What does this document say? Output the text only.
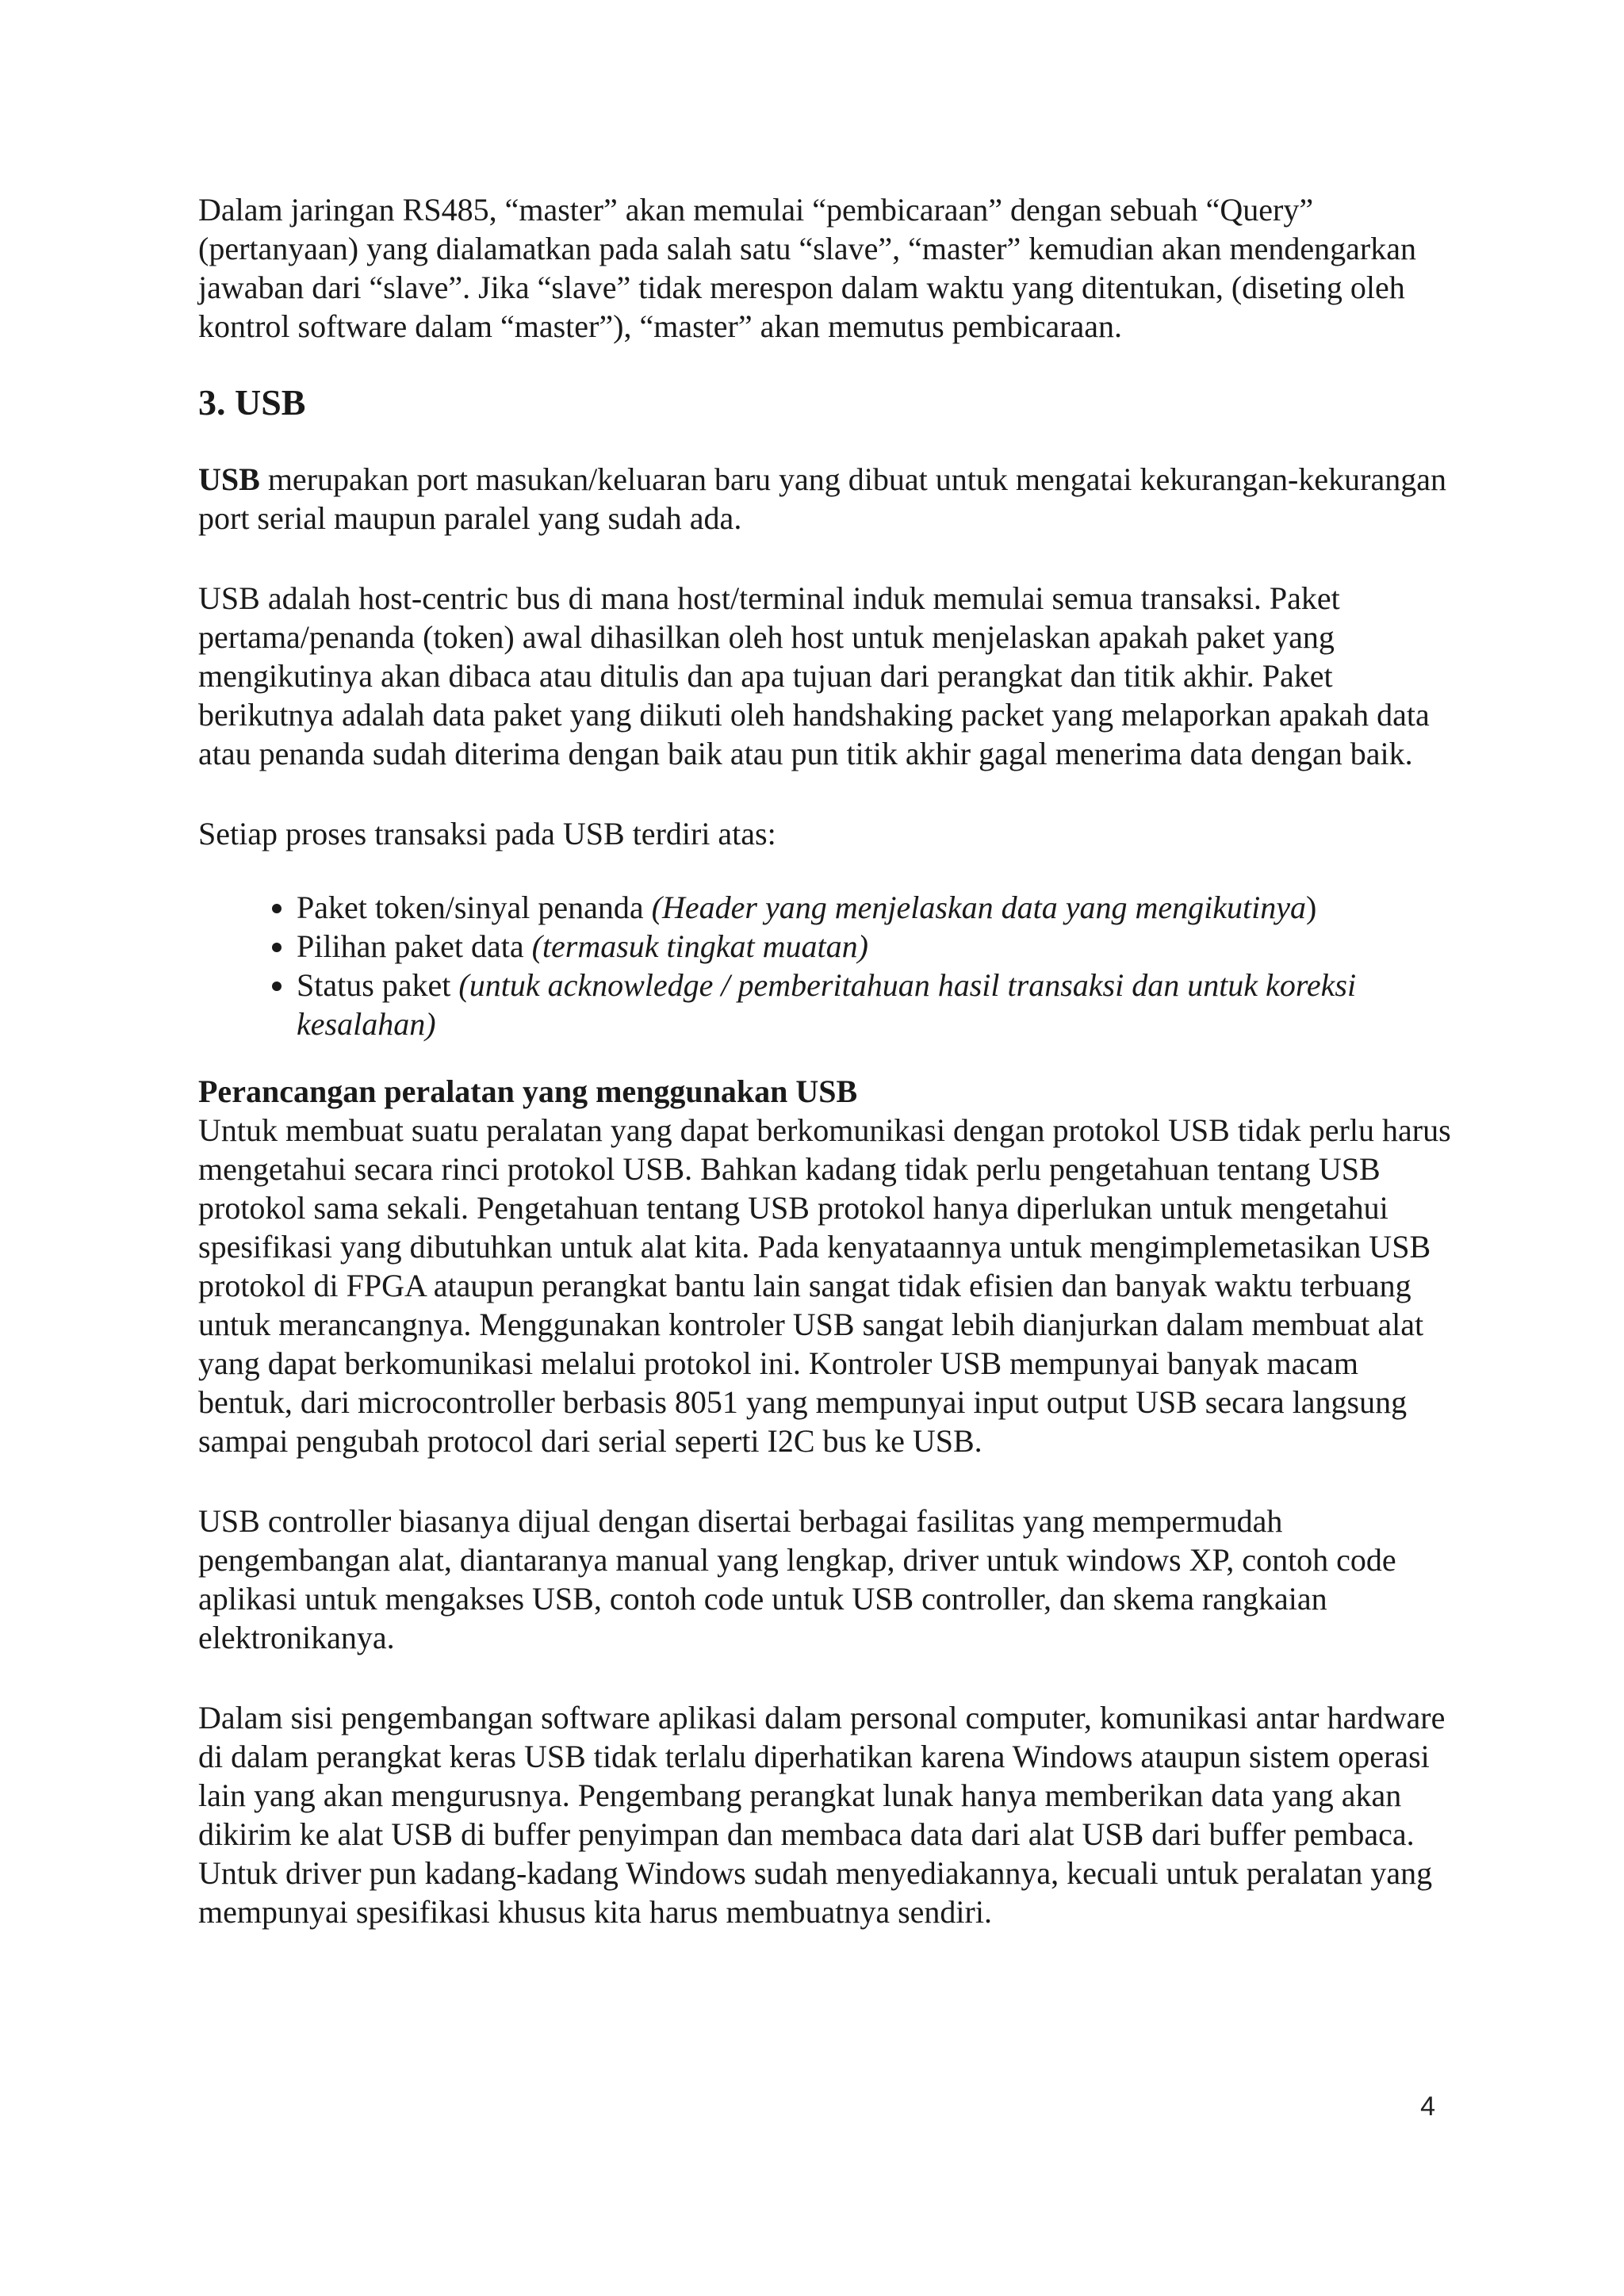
Dalam jaringan RS485, “master” akan memulai “pembicaraan” dengan sebuah “Query” (pertanyaan) yang dialamatkan pada salah satu “slave”, “master” kemudian akan mendengarkan jawaban dari “slave”. Jika “slave” tidak merespon dalam waktu yang ditentukan, (diseting oleh kontrol software dalam “master”), “master” akan memutus pembicaraan.

3. USB

USB merupakan port masukan/keluaran baru yang dibuat untuk mengatai kekurangan-kekurangan port serial maupun paralel yang sudah ada.

USB adalah host-centric bus di mana host/terminal induk memulai semua transaksi. Paket pertama/penanda (token) awal dihasilkan oleh host untuk menjelaskan apakah paket yang mengikutinya akan dibaca atau ditulis dan apa tujuan dari perangkat dan titik akhir. Paket berikutnya adalah data paket yang diikuti oleh handshaking packet yang melaporkan apakah data atau penanda sudah diterima dengan baik atau pun titik akhir gagal menerima data dengan baik.

Setiap proses transaksi pada USB terdiri atas:

• Paket token/sinyal penanda (Header yang menjelaskan data yang mengikutinya)
• Pilihan paket data (termasuk tingkat muatan)
• Status paket (untuk acknowledge / pemberitahuan hasil transaksi dan untuk koreksi kesalahan)

Perancangan peralatan yang menggunakan USB

Untuk membuat suatu peralatan yang dapat berkomunikasi dengan protokol USB tidak perlu harus mengetahui secara rinci protokol USB. Bahkan kadang tidak perlu pengetahuan tentang USB protokol sama sekali. Pengetahuan tentang USB protokol hanya diperlukan untuk mengetahui spesifikasi yang dibutuhkan untuk alat kita. Pada kenyataannya untuk mengimplemetasikan USB protokol di FPGA ataupun perangkat bantu lain sangat tidak efisien dan banyak waktu terbuang untuk merancangnya. Menggunakan kontroler USB sangat lebih dianjurkan dalam membuat alat yang dapat berkomunikasi melalui protokol ini. Kontroler USB mempunyai banyak macam bentuk, dari microcontroller berbasis 8051 yang mempunyai input output USB secara langsung sampai pengubah protocol dari serial seperti I2C bus ke USB.

USB controller biasanya dijual dengan disertai berbagai fasilitas yang mempermudah pengembangan alat, diantaranya manual yang lengkap, driver untuk windows XP, contoh code aplikasi untuk mengakses USB, contoh code untuk USB controller, dan skema rangkaian elektronikanya.

Dalam sisi pengembangan software aplikasi dalam personal computer, komunikasi antar hardware di dalam perangkat keras USB tidak terlalu diperhatikan karena Windows ataupun sistem operasi lain yang akan mengurusnya. Pengembang perangkat lunak hanya memberikan data yang akan dikirim ke alat USB di buffer penyimpan dan membaca data dari alat USB dari buffer pembaca. Untuk driver pun kadang-kadang Windows sudah menyediakannya, kecuali untuk peralatan yang mempunyai spesifikasi khusus kita harus membuatnya sendiri.

4
